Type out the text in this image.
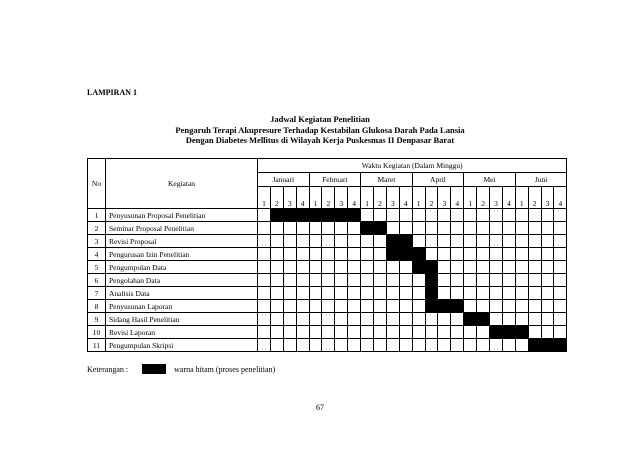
LAMPIRAN 1
Jadwal Kegiatan Penelitian
Pengaruh Terapi Akupresure Terhadap Kestabilan Glukosa Darah Pada Lansia
Dengan Diabetes Mellitus di Wilayah Kerja Puskesmas II Denpasar Barat
No	Kegiatan	Waktu Kegiatan (Dalam Minggu)																							
		Januari				Februari				Maret				April				Mei				Juni			
		1	2	3	4	1	2	3	4	1	2	3	4	1	2	3	4	1	2	3	4	1	2	3	4
1	Penyusunan Proposal Penelitian																								
2	Seminar Proposal Penelitian																								
3	Revisi Proposal																								
4	Pengurusan Izin Penelitian																								
5	Pengumpulan Data																								
6	Pengolahan Data																								
7	Analisis Data																								
8	Penyusunan Laporan																								
9	Sidang Hasil Penelitian																								
10	Revisi Laporan																								
11	Pengumpulan Skripsi																								
Keterangan :	warna hitam (proses penelitian)
67
